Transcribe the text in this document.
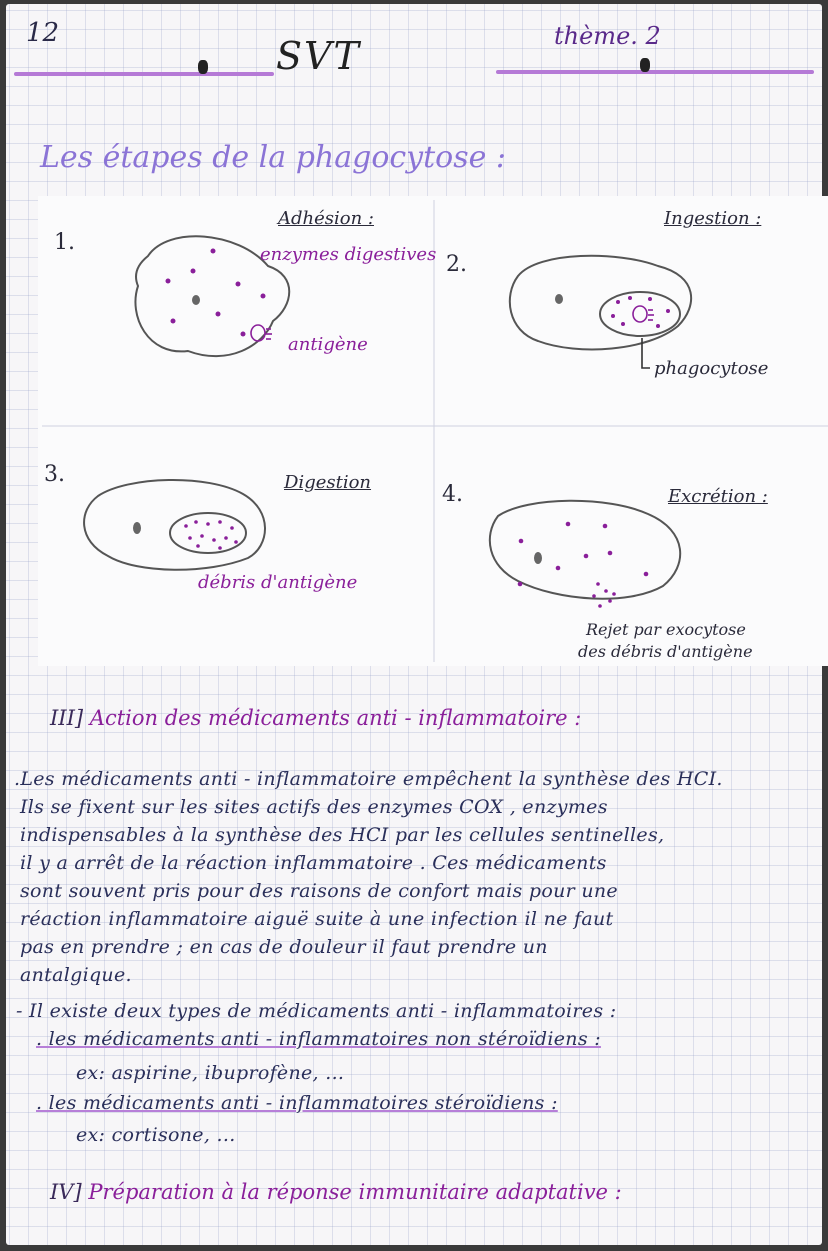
12
SVT	thème. 2
Les étapes de la phagocytose :
1.
Adhésion :
enzymes digestives
antigène
2.
Ingestion :
phagocytose
3.	Digestion
débris d'antigène
4.	Excrétion :
Rejet par exocytose
des débris d'antigène
III] Action des médicaments anti - inflammatoire :
.Les médicaments anti - inflammatoire empêchent la synthèse des HCI.
Ils se fixent sur les sites actifs des enzymes COX , enzymes
indispensables à la synthèse des HCI par les cellules sentinelles,
il y a arrêt de la réaction inflammatoire . Ces médicaments
sont souvent pris pour des raisons de confort mais pour une
réaction inflammatoire aiguë suite à une infection il ne faut
pas en prendre ; en cas de douleur il faut prendre un
antalgique.
- Il existe deux types de médicaments anti - inflammatoires :
. les médicaments anti - inflammatoires non stéroïdiens :
ex: aspirine, ibuprofène, ...
. les médicaments anti - inflammatoires stéroïdiens :
ex: cortisone, ...
IV] Préparation à la réponse immunitaire adaptative :
